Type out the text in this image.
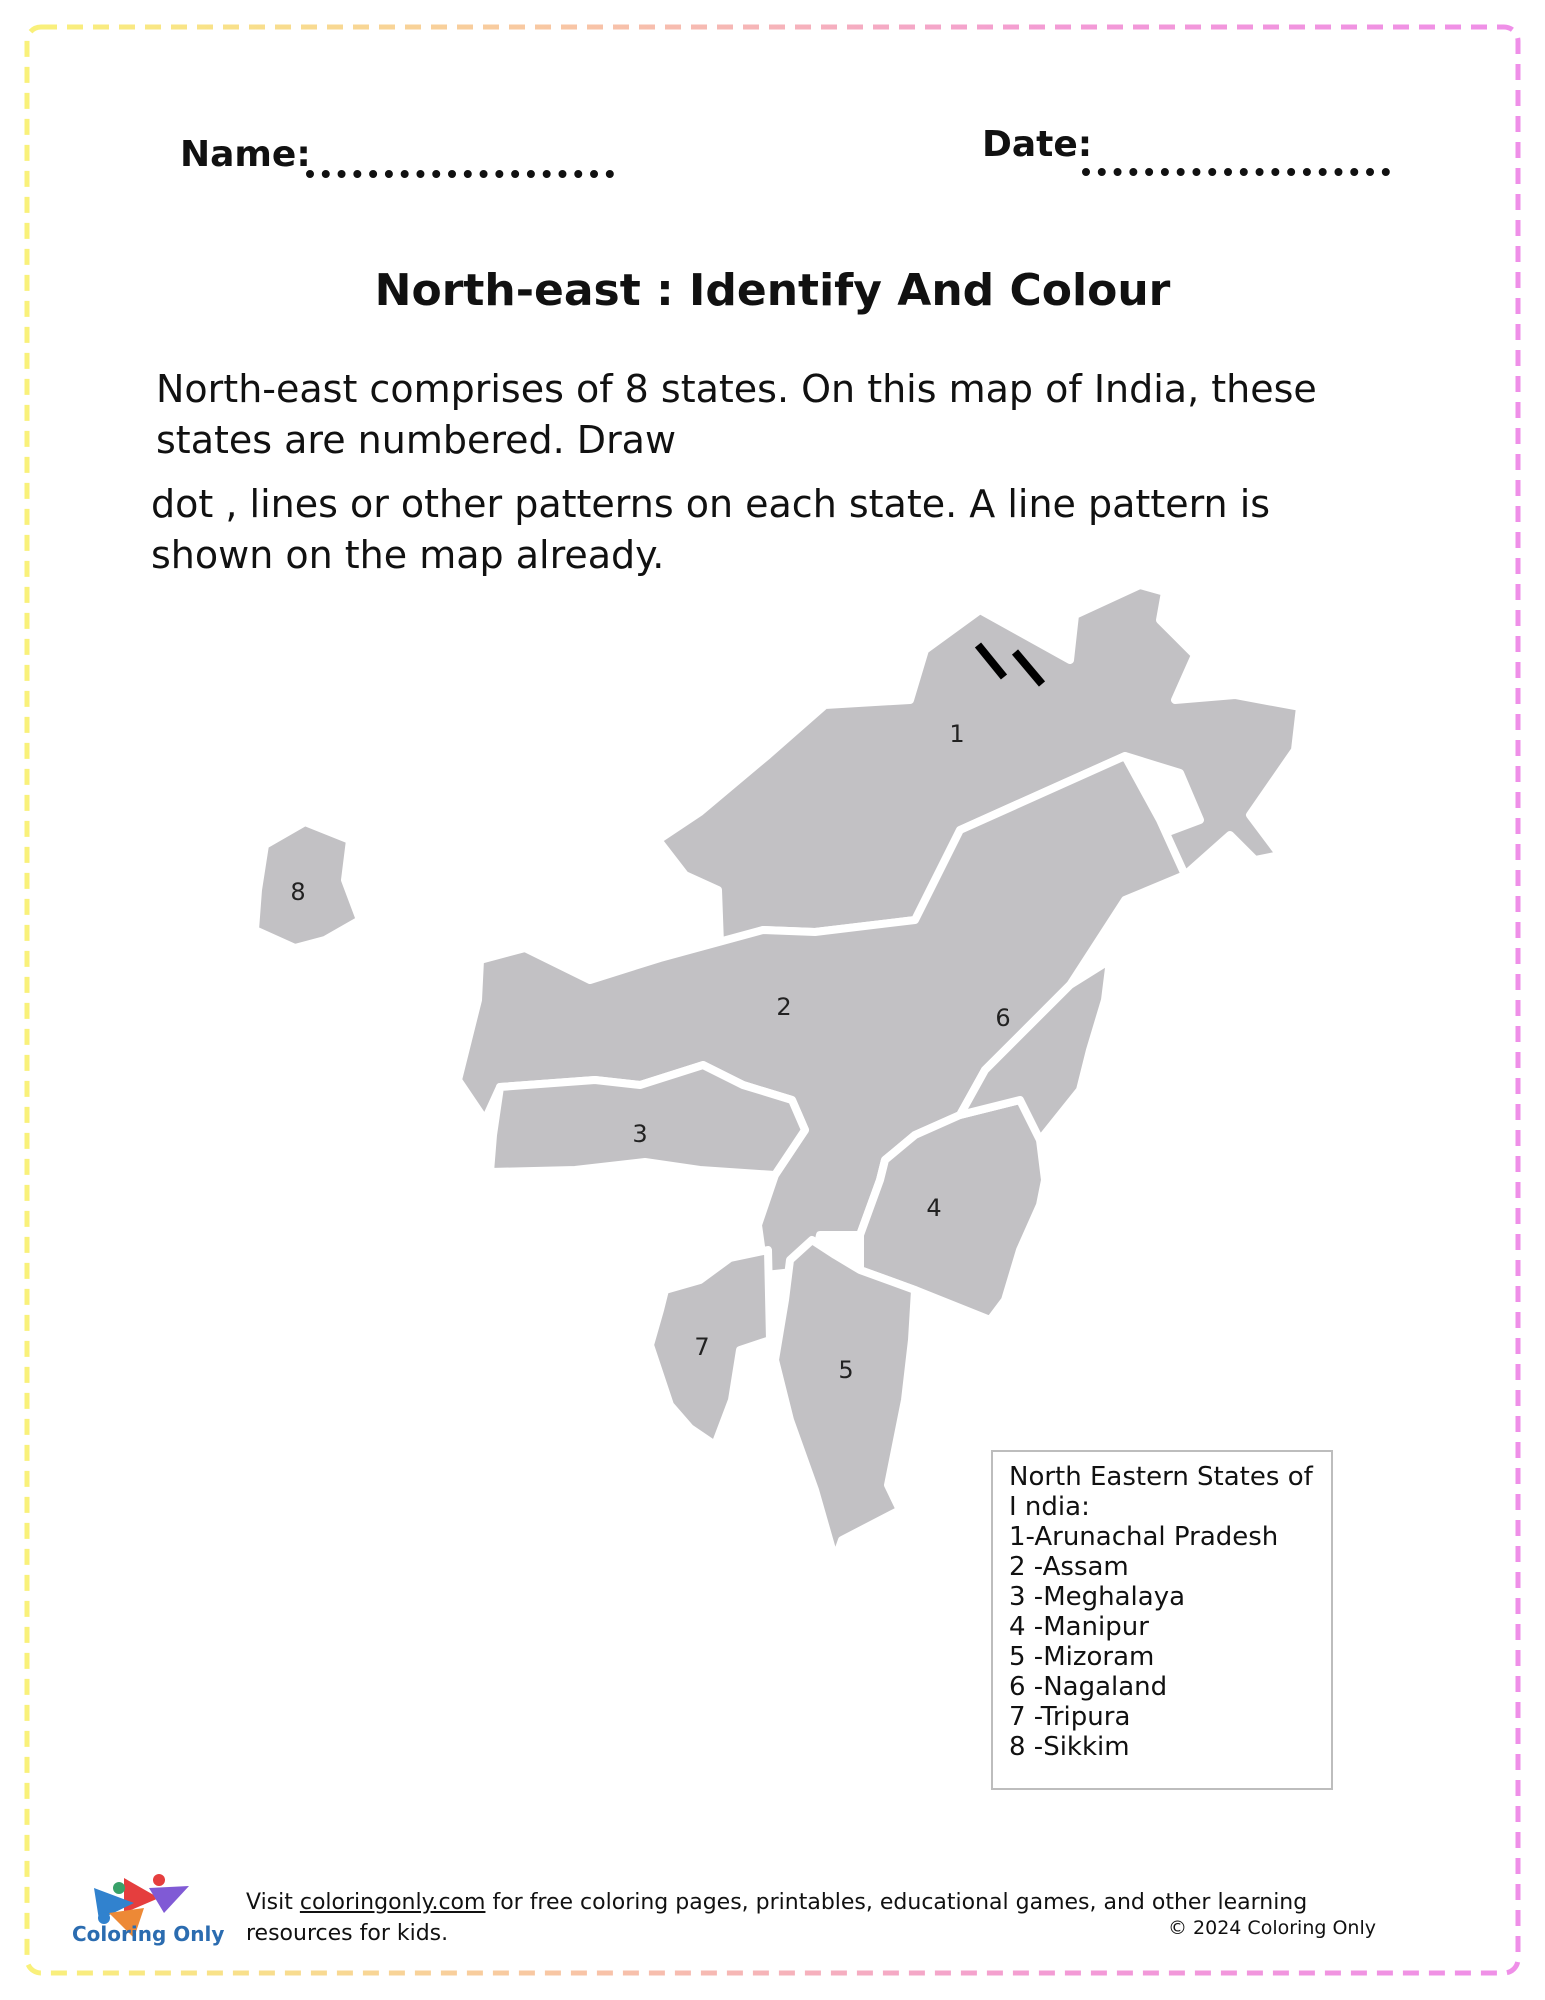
Name:	Date:
North-east : Identify And Colour

North-east comprises of 8 states. On this map of India, these

states are numbered. Draw

dot , lines or other patterns on each state. A line pattern is

shown on the map already.

1
2
3
4
5
6
7
8
North Eastern States of
I ndia:
1-Arunachal Pradesh
2 -Assam
3 -Meghalaya
4 -Manipur
5 -Mizoram
6 -Nagaland
7 -Tripura
8 -Sikkim
Coloring Only
Visit coloringonly.com for free coloring pages, printables, educational games, and other learning resources for kids.	© 2024 Coloring Only
